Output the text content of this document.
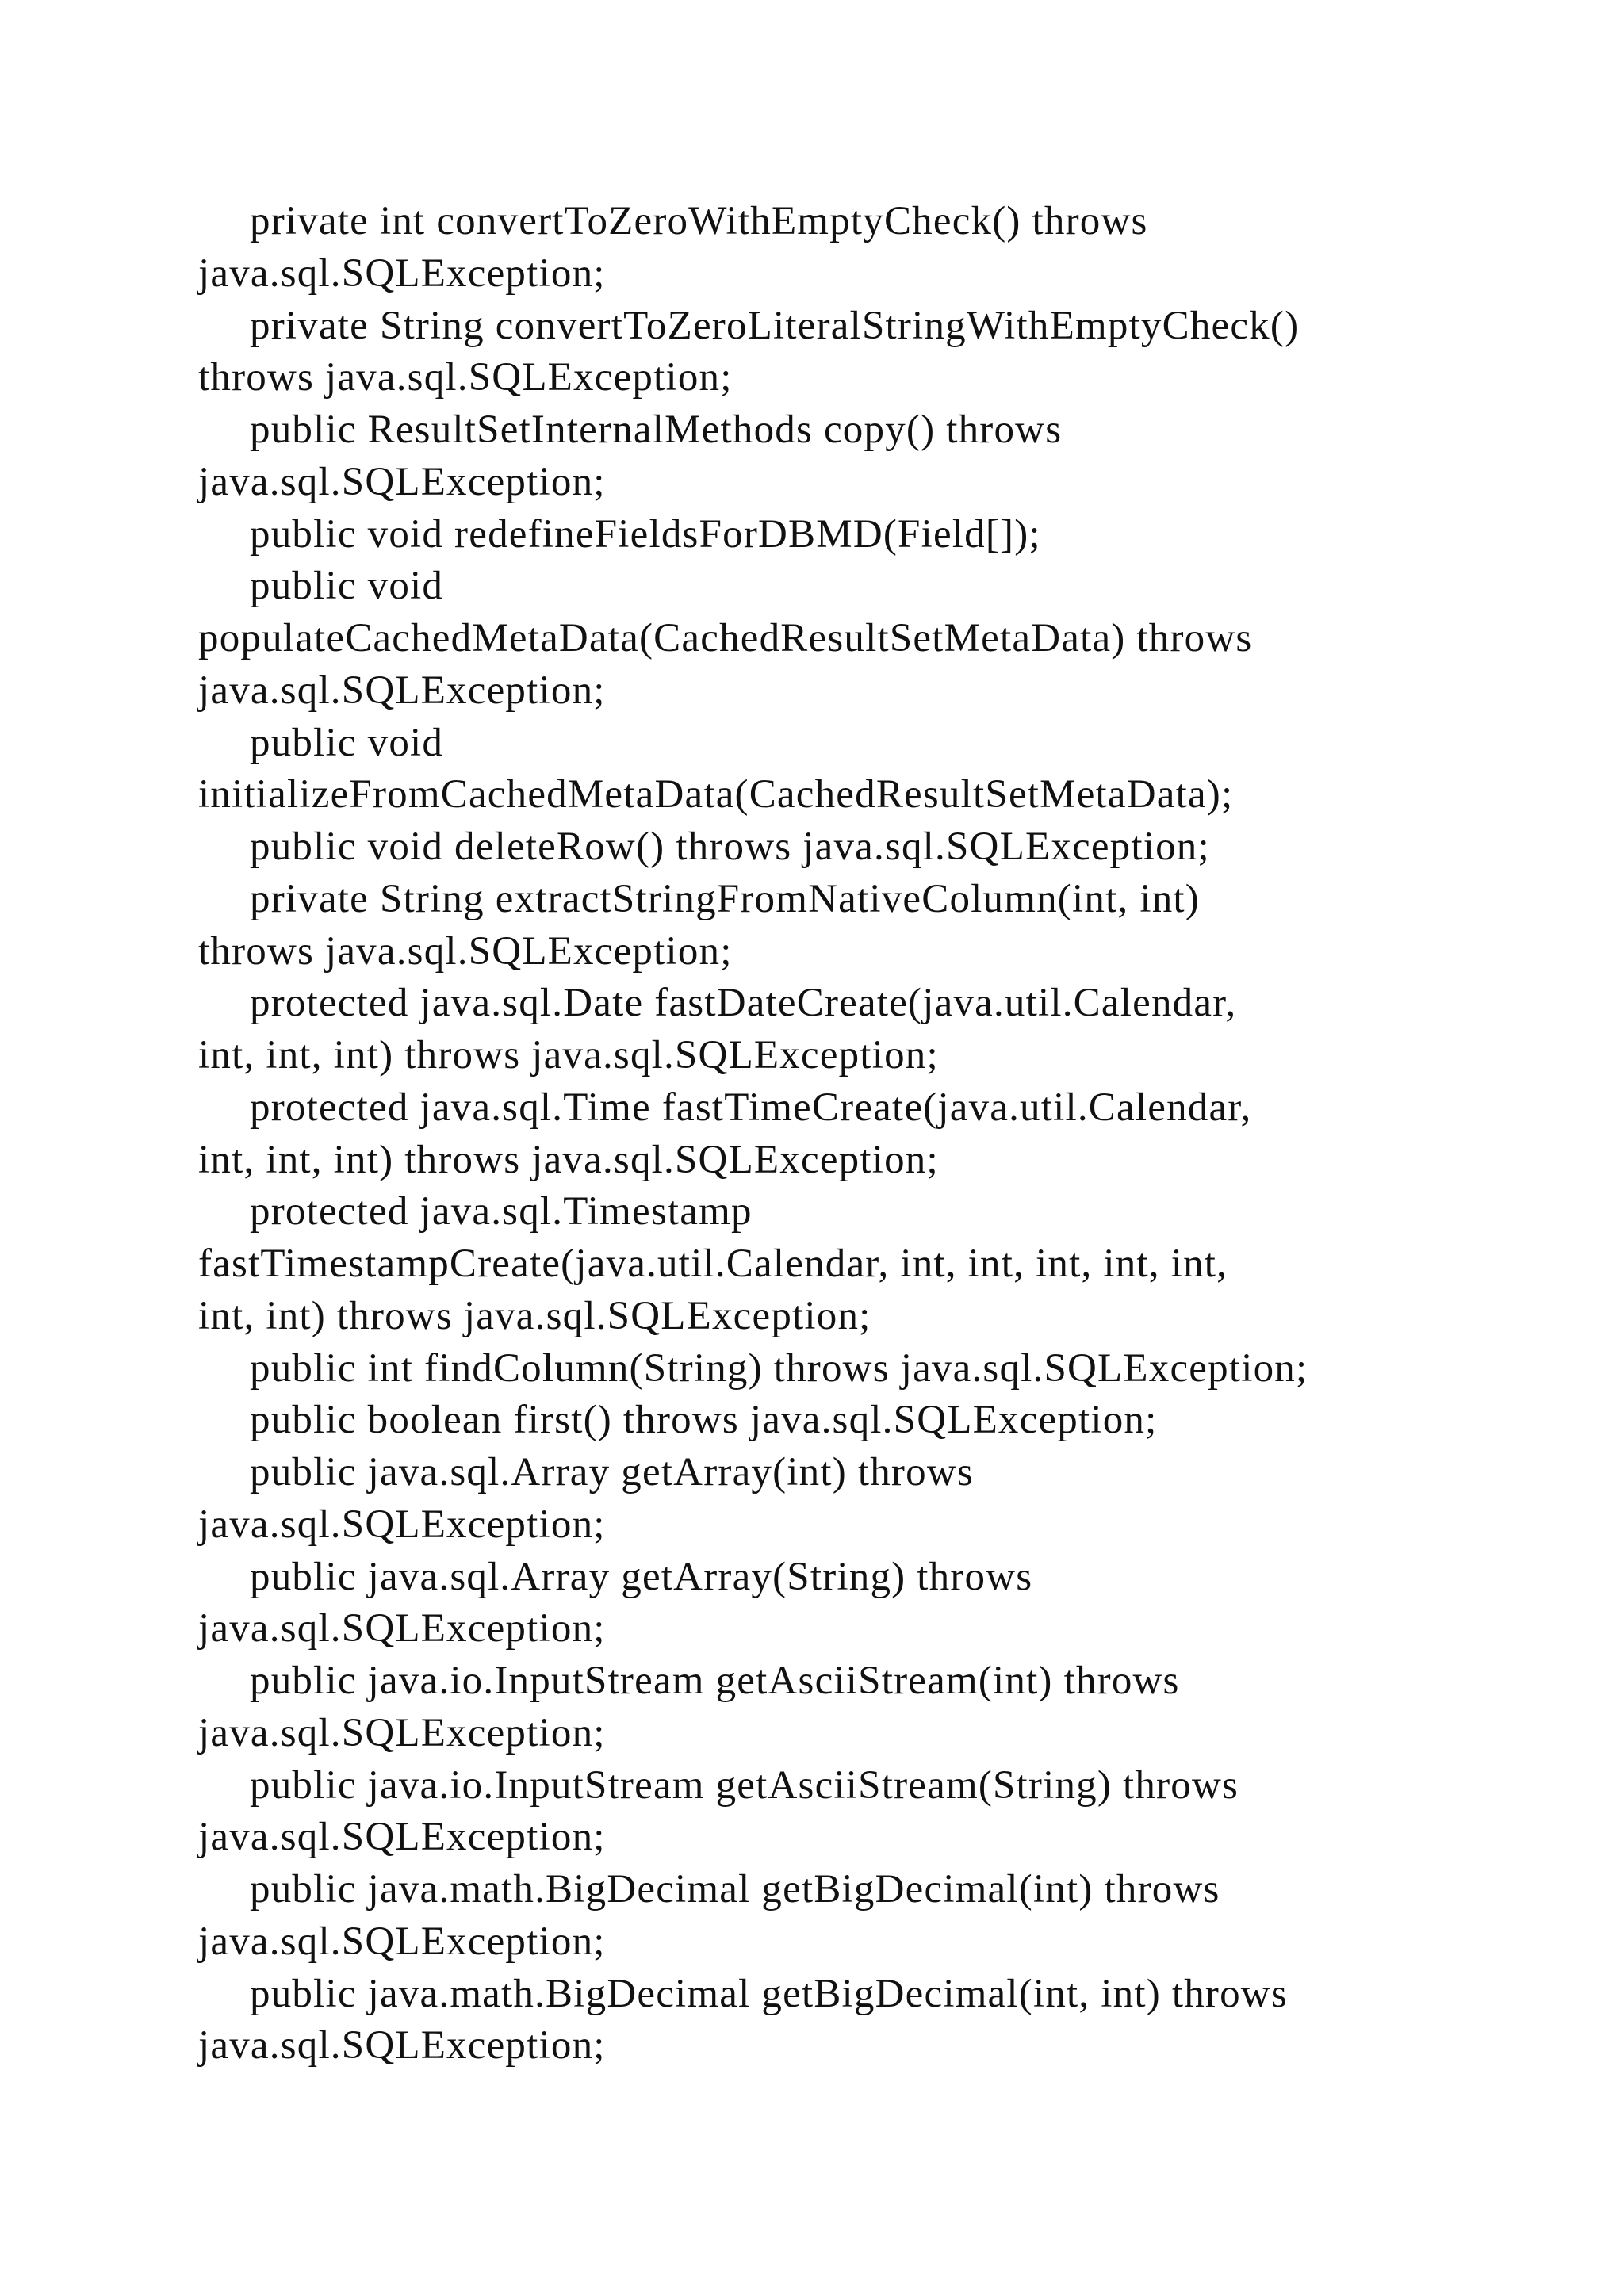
private int convertToZeroWithEmptyCheck() throws
java.sql.SQLException;
private String convertToZeroLiteralStringWithEmptyCheck()
throws java.sql.SQLException;
public ResultSetInternalMethods copy() throws
java.sql.SQLException;
public void redefineFieldsForDBMD(Field[]);
public void
populateCachedMetaData(CachedResultSetMetaData) throws
java.sql.SQLException;
public void
initializeFromCachedMetaData(CachedResultSetMetaData);
public void deleteRow() throws java.sql.SQLException;
private String extractStringFromNativeColumn(int, int)
throws java.sql.SQLException;
protected java.sql.Date fastDateCreate(java.util.Calendar,
int, int, int) throws java.sql.SQLException;
protected java.sql.Time fastTimeCreate(java.util.Calendar,
int, int, int) throws java.sql.SQLException;
protected java.sql.Timestamp
fastTimestampCreate(java.util.Calendar, int, int, int, int, int,
int, int) throws java.sql.SQLException;
public int findColumn(String) throws java.sql.SQLException;
public boolean first() throws java.sql.SQLException;
public java.sql.Array getArray(int) throws
java.sql.SQLException;
public java.sql.Array getArray(String) throws
java.sql.SQLException;
public java.io.InputStream getAsciiStream(int) throws
java.sql.SQLException;
public java.io.InputStream getAsciiStream(String) throws
java.sql.SQLException;
public java.math.BigDecimal getBigDecimal(int) throws
java.sql.SQLException;
public java.math.BigDecimal getBigDecimal(int, int) throws
java.sql.SQLException;
